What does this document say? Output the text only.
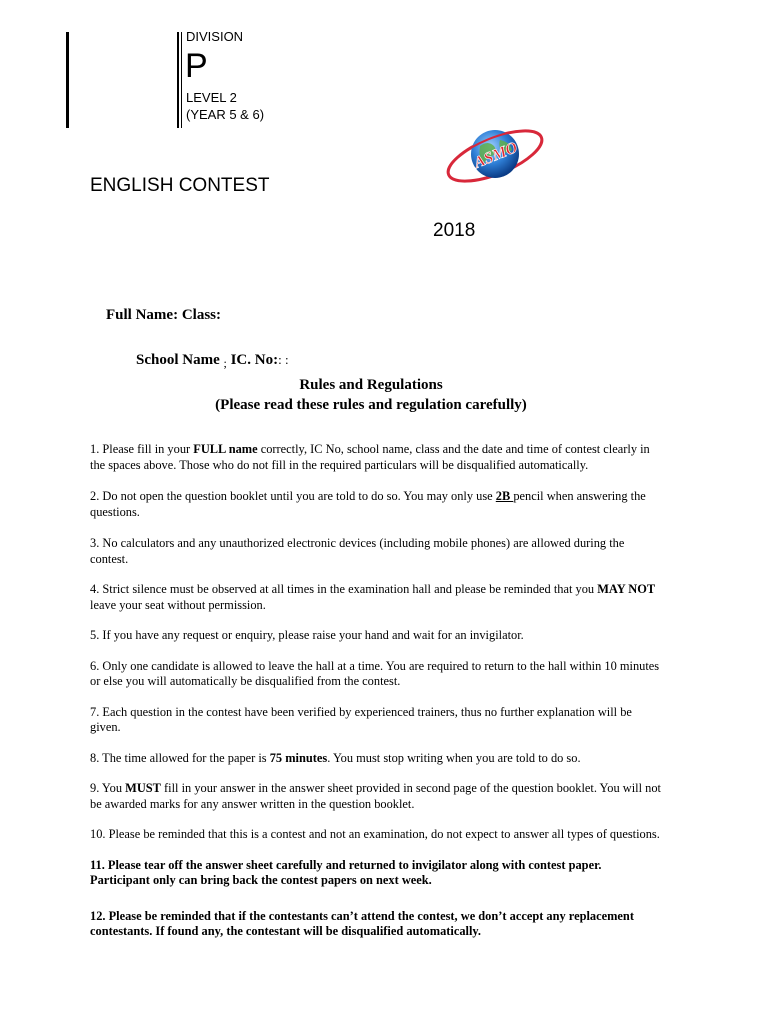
DIVISION
P
LEVEL 2
(YEAR 5 & 6)
ASMO
ENGLISH CONTEST
2018
Full Name: Class:
School Name $_;$ IC. No:: :
Rules and Regulations
(Please read these rules and regulation carefully)

1. Please fill in your FULL name correctly, IC No, school name, class and the date and time of contest clearly in the spaces above. Those who do not fill in the required particulars will be disqualified automatically.

2. Do not open the question booklet until you are told to do so. You may only use 2B pencil when answering the questions.

3. No calculators and any unauthorized electronic devices (including mobile phones) are allowed during the contest.

4. Strict silence must be observed at all times in the examination hall and please be reminded that you MAY NOT leave your seat without permission.

5. If you have any request or enquiry, please raise your hand and wait for an invigilator.

6. Only one candidate is allowed to leave the hall at a time. You are required to return to the hall within 10 minutes or else you will automatically be disqualified from the contest.

7. Each question in the contest have been verified by experienced trainers, thus no further explanation will be given.

8. The time allowed for the paper is 75 minutes. You must stop writing when you are told to do so.

9. You MUST fill in your answer in the answer sheet provided in second page of the question booklet. You will not be awarded marks for any answer written in the question booklet.

10. Please be reminded that this is a contest and not an examination, do not expect to answer all types of questions.

11. Please tear off the answer sheet carefully and returned to invigilator along with contest paper. Participant only can bring back the contest papers on next week.

12. Please be reminded that if the contestants can’t attend the contest, we don’t accept any replacement contestants. If found any, the contestant will be disqualified automatically.
